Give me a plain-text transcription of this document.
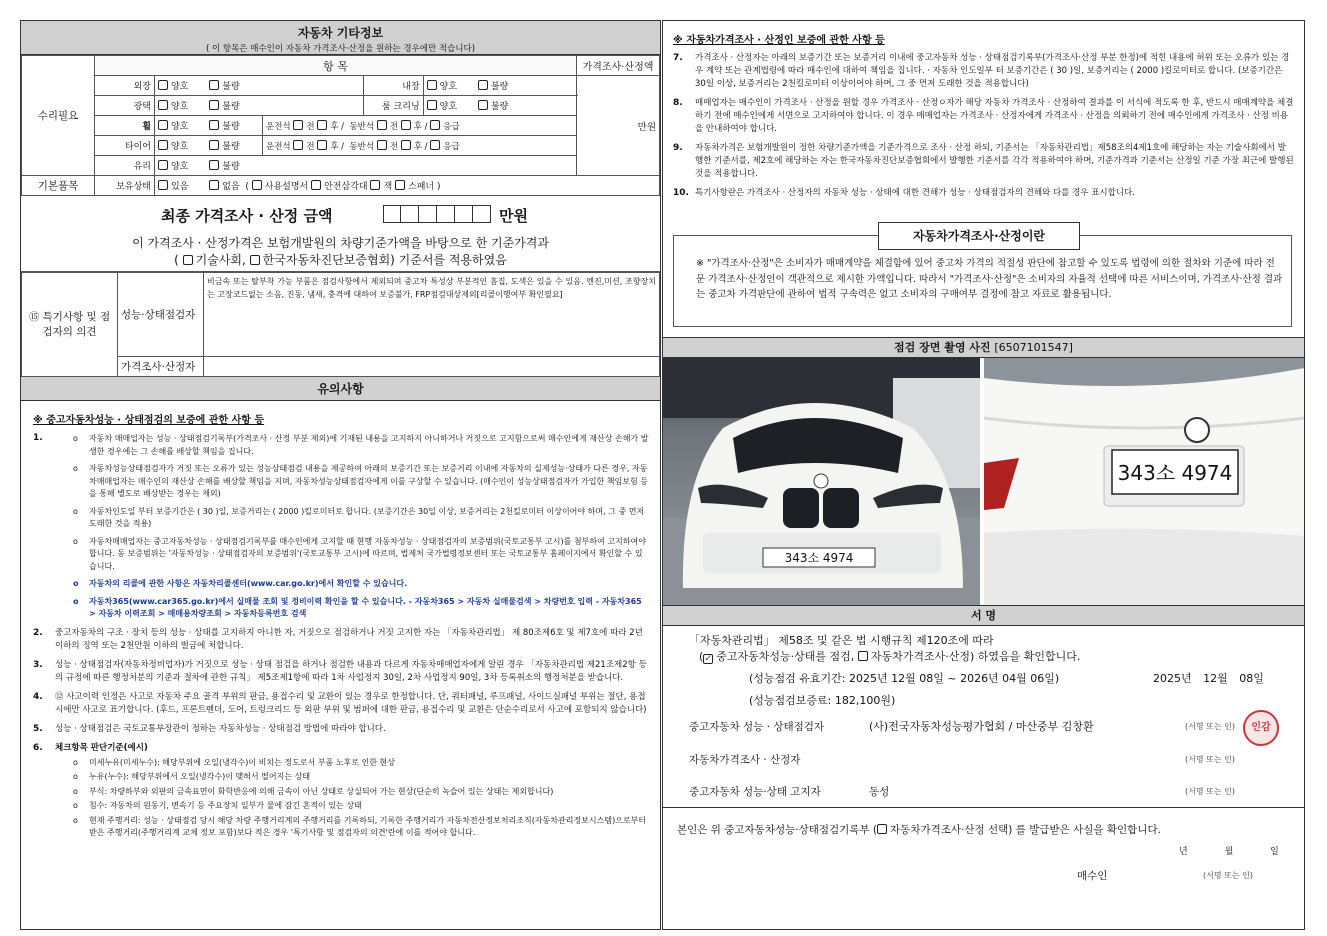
자동차 기타정보
( 이 항목은 매수인이 자동차 가격조사·산정을 원하는 경우에만 적습니다)
수리필요	항 목					가격조사·산정액
	외장	양호 불량		내장	양호 불량	만원
	광택	양호 불량		룸 크리닝	양호 불량	
	휠	양호 불량	운전석 전 후 /  동반석 전 후 / 응급			
	타이어	양호 불량	운전석 전 후 /  동반석 전 후 / 응급			
	유리	양호 불량				
기본품목	보유상태	있음 없음  ( 사용설명서 안전삼각대 잭 스패너 )				
최종 가격조사 · 산정 금액	만원
이 가격조사 · 산정가격은 보험개발원의 차량기준가액을 바탕으로 한 기준가격과
( 기술사회, 한국자동차진단보증협회) 기준서를 적용하였음
⑮ 특기사항 및 점검자의 의견	성능·상태점검자	비금속 또는 탈부착 가능 부품은 점검사항에서 제외되며 중고차 특성상 부분적인 흠집, 도색은 있을 수 있음. 엔진,미션, 조향장치는 고장코드없는 소음, 진동, 냄새, 충격에 대하여 보증불가, FRP점검대상제외[리콜이행여부 확인필요]
	가격조사·산정자	
유의사항
※ 중고자동차성능 · 상태점검의 보증에 관한 사항 등
1.	o	자동차 매매업자는 성능 · 상태점검기록부(가격조사 · 산정 부분 제외)에 기재된 내용을 고지하지 아니하거나 거짓으로 고지함으로써 매수인에게 재산상 손해가 발생한 경우에는 그 손해를 배상할 책임을 집니다.
o	자동차성능상태점검자가 거짓 또는 오류가 있는 성능상태점검 내용을 제공하여 아래의 보증기간 또는 보증거리 이내에 자동차의 실제성능·상태가 다른 경우, 자동차매매업자는 매수인의 재산상 손해를 배상할 책임을 지며, 자동차성능상태점검자에게 이를 구상할 수 있습니다. (매수인이 성능상태점검자가 가입한 책임보험 등을 통해 별도로 배상받는 경우는 제외)
o	자동차인도일 부터 보증기간은 ( 30 )일, 보증거리는 ( 2000 )킬로미터로 합니다. (보증기간은 30일 이상, 보증거리는 2천킬로미터 이상이어야 하며, 그 중 먼저 도래한 것을 적용)
o	자동차매매업자는 중고자동차성능 · 상태점검기록부를 매수인에게 고지할 때 현행 자동차성능 · 상태점검자의 보증범위(국토교통부 고시)를 첨부하여 고지하여야 합니다. 동 보증범위는 '자동차성능 · 상태점검자의 보증범위'(국토교통부 고시)에 따르며, 법제처 국가법령정보센터 또는 국토교통부 홈페이지에서 확인할 수 있습니다.
o	자동차의 리콜에 관한 사항은 자동차리콜센터(www.car.go.kr)에서 확인할 수 있습니다.
o	자동차365(www.car365.go.kr)에서 실매물 조회 및 정비이력 확인을 할 수 있습니다. - 자동차365 > 자동차 실매물검색 > 차량번호 입력 - 자동차365 > 자동차 이력조회 > 매매용차량조회 > 자동차등록번호 검색
2.	중고자동차의 구조 · 장치 등의 성능 · 상태를 고지하지 아니한 자, 거짓으로 점검하거나 거짓 고지한 자는 「자동차관리법」 제 80조제6호 및 제7호에 따라 2년 이하의 징역 또는 2천만원 이하의 벌금에 처합니다.
3.	성능 · 상태점검자(자동차정비업자)가 거짓으로 성능 · 상태 점검을 하거나 점검한 내용과 다르게 자동차매매업자에게 알린 경우 「자동차관리법 제21조제2항 등의 규정에 따른 행정처분의 기준과 절차에 관한 규칙」 제5조제1항에 따라 1차 사업정지 30일, 2차 사업정지 90일, 3차 등록취소의 행정처분을 받습니다.
4.	⑫ 사고이력 인정은 사고로 자동차 주요 골격 부위의 판금, 용접수리 및 교환이 있는 경우로 한정합니다. 단, 쿼터패널, 루프패널, 사이드실패널 부위는 절단, 용접 시에만 사고로 표기합니다. (후드, 프론트펜더, 도어, 트렁크리드 등 외판 부위 및 범퍼에 대한 판금, 용접수리 및 교환은 단순수리로서 사고에 포함되지 않습니다)
5.	성능 · 상태점검은 국토교통부장관이 정하는 자동차성능 · 상태점검 방법에 따라야 합니다.
6.	체크항목 판단기준(예시)
o	미세누유(미세누수): 해당부위에 오일(냉각수)이 비치는 정도로서 부품 노후로 인한 현상
o	누유(누수): 해당부위에서 오일(냉각수)이 맺혀서 떨어지는 상태
o	부식: 차량하부와 외판의 금속표면이 화학반응에 의해 금속이 아닌 상태로 상실되어 가는 현상(단순히 녹슬어 있는 상태는 제외합니다)
o	침수: 자동차의 원동기, 변속기 등 주요장치 일부가 물에 잠긴 흔적이 있는 상태
o	현재 주행거리: 성능 · 상태점검 당시 해당 차량 주행거리계의 주행거리를 기록하되, 기록한 주행거리가 자동차전산정보처리조직(자동차관리정보시스템)으로부터 받은 주행거리(주행거리계 교체 정보 포함)보다 적은 경우 '특기사항 및 점검자의 의견'란에 이를 적어야 합니다.
※ 자동차가격조사 · 산정인 보증에 관한 사항 등
7.	가격조사 · 산정자는 아래의 보증기간 또는 보증거리 이내에 중고자동차 성능 · 상태점검기록부(가격조사·산정 부분 한정)에 적힌 내용에 허위 또는 오류가 있는 경우 계약 또는 관계법령에 따라 매수인에 대하여 책임을 집니다. · 자동차 인도일부 터 보증기간은 ( 30 )일, 보증거리는 ( 2000 )킬로미터로 합니다. (보증기간은 30일 이상, 보증거리는 2천킬로미터 이상이어야 하며, 그 중 먼저 도래한 것을 적용합니다)
8.	매매업자는 매수인이 가격조사 · 산정을 원할 경우 가격조사 · 산정ㅇ자가 해당 자동차 가격조사 · 산정하여 결과를 이 서식에 적도록 한 후, 반드시 매매계약을 체결하기 전에 매수인에게 서면으로 고지하여야 합니다. 이 경우 매매업자는 가격조사 · 산정자에게 가격조사 · 산정을 의뢰하기 전에 매수인에게 가격조사 · 산정 비용을 안내하여야 합니다.
9.	자동차가격은 보험개발원이 정한 차량기준가액을 기준가격으로 조사 · 산정 하되, 기준서는 「자동차관리법」제58조의4제1호에 해당하는 자는 기술사회에서 발행한 기준서를, 제2호에 해당하는 자는 한국자동차진단보증협회에서 발행한 기준서를 각각 적용하여야 하며, 기준가격과 기준서는 산정일 기준 가장 최근에 발행된 것을 적용합니다.
10. 특기사항란은 가격조사 · 산정자의 자동차 성능 · 상태에 대한 견해가 성능 · 상태점검자의 견해와 다를 경우 표시합니다.
자동차가격조사·산정이란
※ "가격조사·산정"은 소비자가 매매계약을 체결함에 있어 중고차 가격의 적절성 판단에 참고할 수 있도록 법령에 의한 절차와 기준에 따라 전문 가격조사·산정인이 객관적으로 제시한 가액입니다. 따라서 "가격조사·산정"은 소비자의 자율적 선택에 따른 서비스이며, 가격조사·산정 결과는 중고차 가격판단에 관하여 법적 구속력은 없고 소비자의 구매여부 결정에 참고 자료로 활용됩니다.
점검 장면 촬영 사진 [6507101547]
343소 4974
343소 4974
서 명
「자동차관리법」 제58조 및 같은 법 시행규칙 제120조에 따라
(✓ 중고자동차성능·상태를 점검, 자동차가격조사·산정) 하였음을 확인합니다.
(성능점검 유효기간: 2025년 12월 08일 ~ 2026년 04월 06일)	2025년 12월 08일
(성능점검보증료: 182,100원)
중고자동차 성능 · 상태점검자	(사)전국자동차성능평가협회 / 마산중부 김창환	(서명 또는 인)	인감
자동차가격조사 · 산정자	(서명 또는 인)
중고자동차 성능·상태 고지자	동성	(서명 또는 인)
본인은 위 중고자동차성능·상태점검기록부 ( 자동차가격조사·산정 선택) 를 발급받은 사실을 확인합니다.
년	월	일
매수인	(서명 또는 인)
